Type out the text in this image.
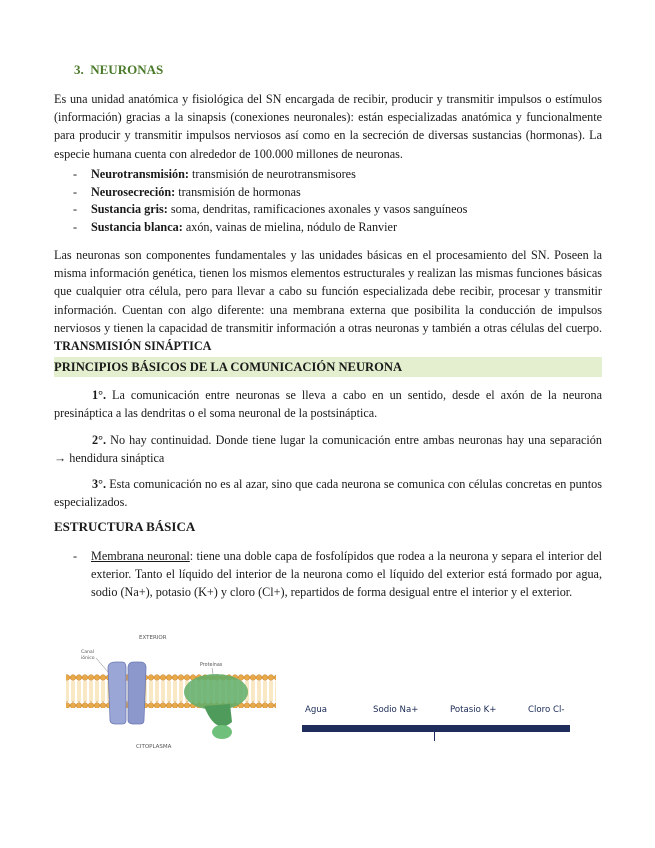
3. NEURONAS

Es una unidad anatómica y fisiológica del SN encargada de recibir, producir y transmitir impulsos o estímulos (información) gracias a la sinapsis (conexiones neuronales): están especializadas anatómica y funcionalmente para producir y transmitir impulsos nerviosos así como en la secreción de diversas sustancias (hormonas). La especie humana cuenta con alrededor de 100.000 millones de neuronas.

- Neurotransmisión: transmisión de neurotransmisores
- Neurosecreción: transmisión de hormonas
- Sustancia gris: soma, dendritas, ramificaciones axonales y vasos sanguíneos
- Sustancia blanca: axón, vainas de mielina, nódulo de Ranvier

Las neuronas son componentes fundamentales y las unidades básicas en el procesamiento del SN. Poseen la misma información genética, tienen los mismos elementos estructurales y realizan las mismas funciones básicas que cualquier otra célula, pero para llevar a cabo su función especializada debe recibir, procesar y transmitir información. Cuentan con algo diferente: una membrana externa que posibilita la conducción de impulsos nerviosos y tienen la capacidad de transmitir información a otras neuronas y también a otras células del cuerpo. TRANSMISIÓN SINÁPTICA

PRINCIPIOS BÁSICOS DE LA COMUNICACIÓN NEURONA

1°. La comunicación entre neuronas se lleva a cabo en un sentido, desde el axón de la neurona presináptica a las dendritas o el soma neuronal de la postsináptica.

2°. No hay continuidad. Donde tiene lugar la comunicación entre ambas neuronas hay una separación → hendidura sináptica

3°. Esta comunicación no es al azar, sino que cada neurona se comunica con células concretas en puntos especializados.

ESTRUCTURA BÁSICA

- Membrana neuronal: tiene una doble capa de fosfolípidos que rodea a la neurona y separa el interior del exterior. Tanto el líquido del interior de la neurona como el líquido del exterior está formado por agua, sodio (Na+), potasio (K+) y cloro (Cl+), repartidos de forma desigual entre el interior y el exterior.

EXTERIOR
Canal
iónico
Proteínas
CITOPLASMA
Agua	Sodio Na+	Potasio K+	Cloro Cl-
